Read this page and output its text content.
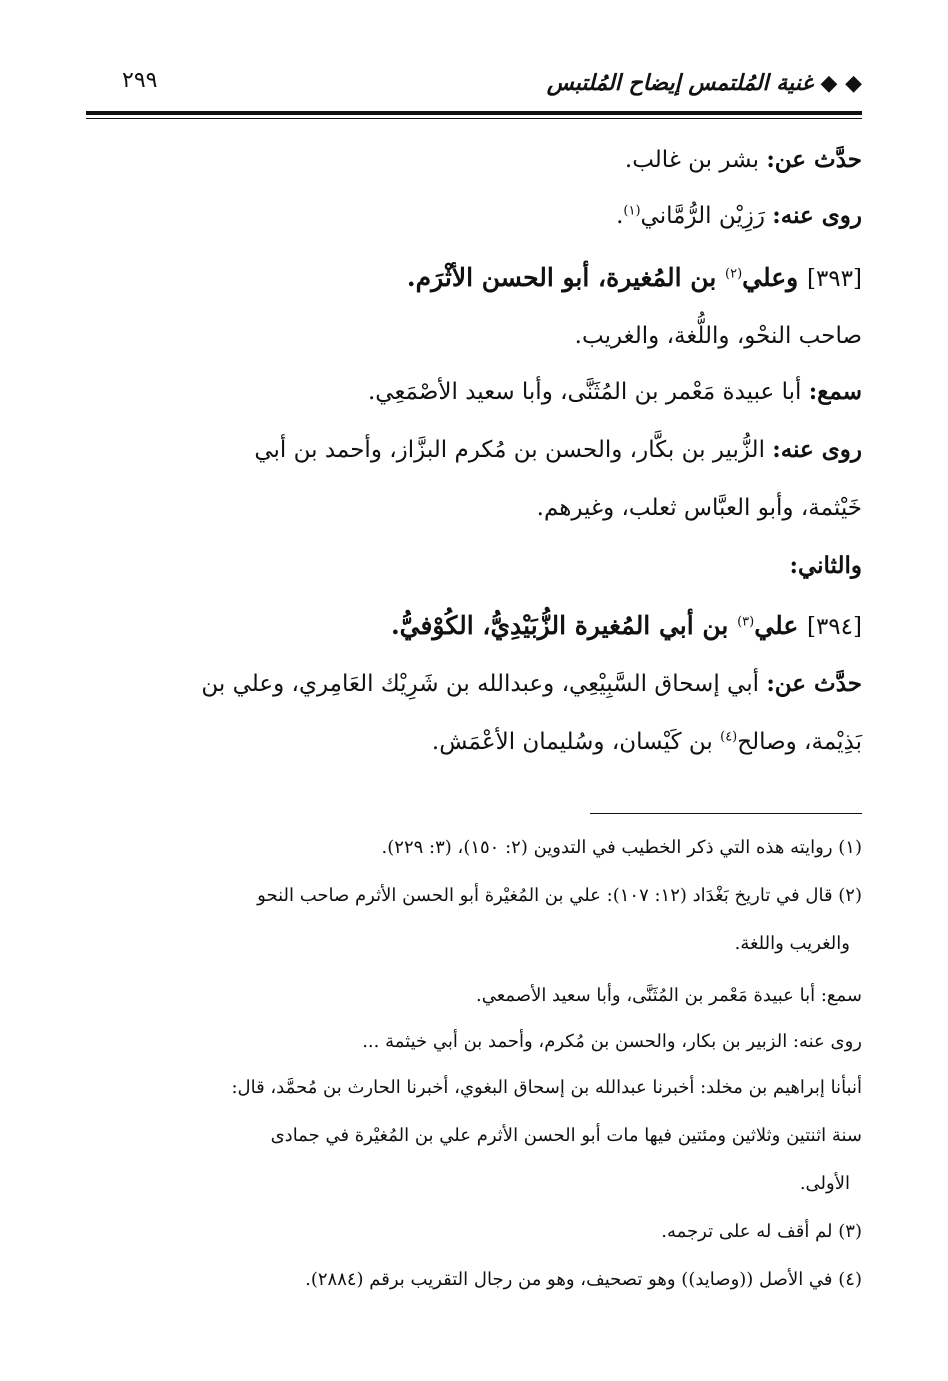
◆ ◆ غنية المُلتمس إيضاح المُلتبس
٢٩٩
حدَّث عن: بشر بن غالب.
روى عنه: رَزِيْن الرُّمَّاني$^{(١)}$.
[٣٩٣] وعلي$^{(٢)}$ بن المُغيرة، أبو الحسن الأثْرَم.
صاحب النحْو، واللُّغة، والغريب.
سمع: أبا عبيدة مَعْمر بن المُثَنَّى، وأبا سعيد الأصْمَعِي.
روى عنه: الزُّبير بن بكَّار، والحسن بن مُكرم البزَّاز، وأحمد بن أبي
خَيْثمة، وأبو العبَّاس ثعلب، وغيرهم.
والثاني:
[٣٩٤] علي$^{(٣)}$ بن أبي المُغيرة الزُّبَيْدِيُّ، الكُوْفيُّ.
حدَّث عن: أبي إسحاق السَّبِيْعِي، وعبدالله بن شَرِيْك العَامِري، وعلي بن
بَذِيْمة، وصالح$^{(٤)}$ بن كَيْسان، وسُليمان الأعْمَش.
(١) روايته هذه التي ذكر الخطيب في التدوين (٢: ١٥٠)، (٣: ٢٢٩).
(٢) قال في تاريخ بَغْدَاد (١٢: ١٠٧): علي بن المُغيْرة أبو الحسن الأثرم صاحب النحو
والغريب واللغة.
سمع: أبا عبيدة مَعْمر بن المُثَنَّى، وأبا سعيد الأصمعي.
روى عنه: الزبير بن بكار، والحسن بن مُكرم، وأحمد بن أبي خيثمة ...
أنبأنا إبراهيم بن مخلد: أخبرنا عبدالله بن إسحاق البغوي، أخبرنا الحارث بن مُحمَّد، قال:
سنة اثنتين وثلاثين ومئتين فيها مات أبو الحسن الأثرم علي بن المُغيْرة في جمادى
الأولى.
(٣) لم أقف له على ترجمه.
(٤) في الأصل ((وصايد)) وهو تصحيف، وهو من رجال التقريب برقم (٢٨٨٤).
